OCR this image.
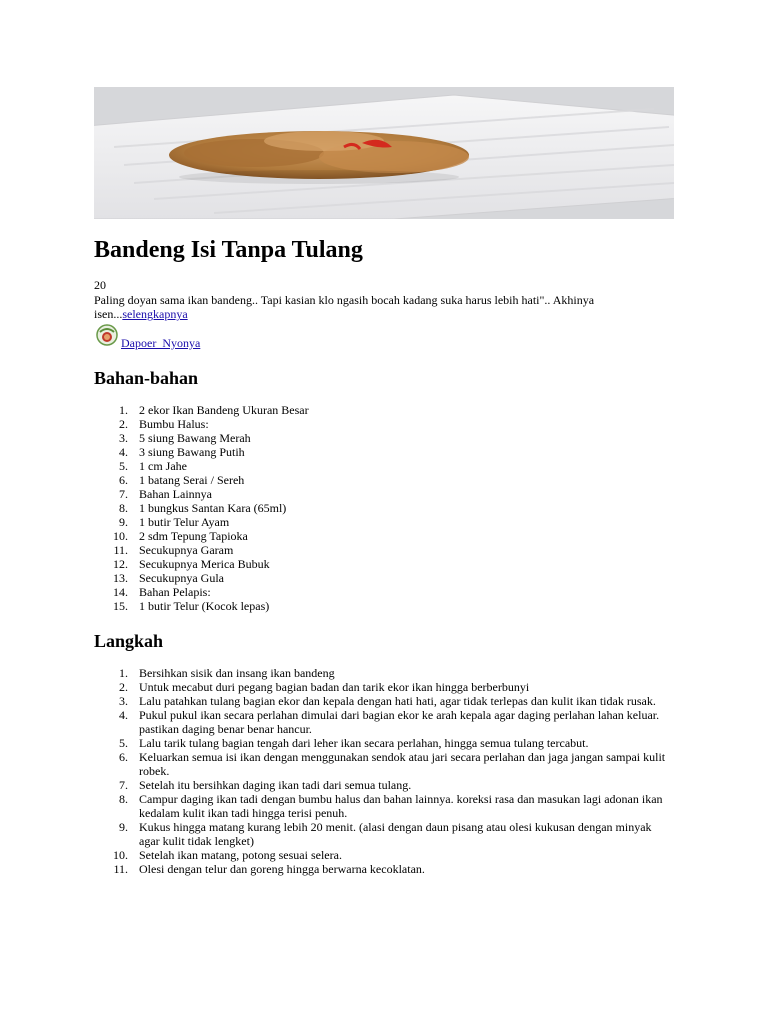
Bandeng Isi Tanpa Tulang
20
Paling doyan sama ikan bandeng.. Tapi kasian klo ngasih bocah kadang suka harus lebih hati".. Akhinya isen...selengkapnya
Dapoer_Nyonya
Bahan-bahan
1. 2 ekor Ikan Bandeng Ukuran Besar
2. Bumbu Halus:
3. 5 siung Bawang Merah
4. 3 siung Bawang Putih
5. 1 cm Jahe
6. 1 batang Serai / Sereh
7. Bahan Lainnya
8. 1 bungkus Santan Kara (65ml)
9. 1 butir Telur Ayam
10. 2 sdm Tepung Tapioka
11. Secukupnya Garam
12. Secukupnya Merica Bubuk
13. Secukupnya Gula
14. Bahan Pelapis:
15. 1 butir Telur (Kocok lepas)
Langkah
1. Bersihkan sisik dan insang ikan bandeng
2. Untuk mecabut duri pegang bagian badan dan tarik ekor ikan hingga berberbunyi
3. Lalu patahkan tulang bagian ekor dan kepala dengan hati hati, agar tidak terlepas dan kulit ikan tidak rusak.
4. Pukul pukul ikan secara perlahan dimulai dari bagian ekor ke arah kepala agar daging perlahan lahan keluar. pastikan daging benar benar hancur.
5. Lalu tarik tulang bagian tengah dari leher ikan secara perlahan, hingga semua tulang tercabut.
6. Keluarkan semua isi ikan dengan menggunakan sendok atau jari secara perlahan dan jaga jangan sampai kulit robek.
7. Setelah itu bersihkan daging ikan tadi dari semua tulang.
8. Campur daging ikan tadi dengan bumbu halus dan bahan lainnya. koreksi rasa dan masukan lagi adonan ikan kedalam kulit ikan tadi hingga terisi penuh.
9. Kukus hingga matang kurang lebih 20 menit. (alasi dengan daun pisang atau olesi kukusan dengan minyak agar kulit tidak lengket)
10. Setelah ikan matang, potong sesuai selera.
11. Olesi dengan telur dan goreng hingga berwarna kecoklatan.
